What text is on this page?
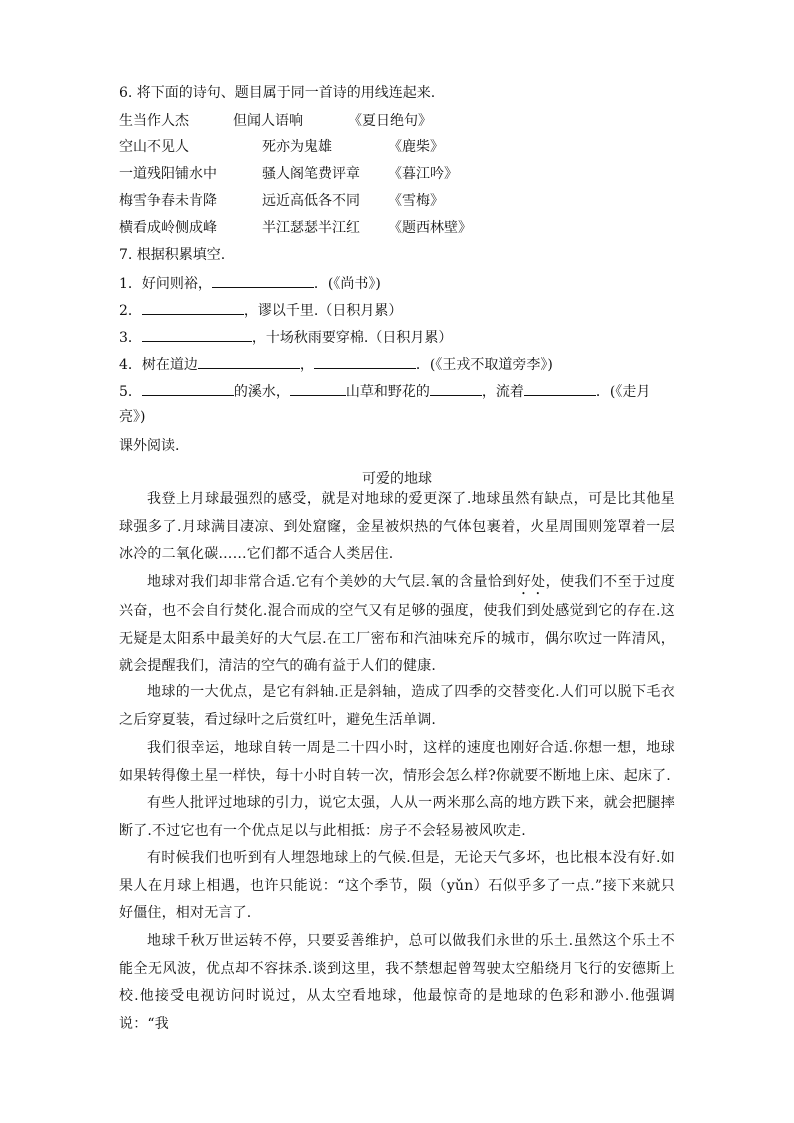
6. 将下面的诗句、题目属于同一首诗的用线连起来.
生当作人杰	但闻人语响	《夏日绝句》
空山不见人	死亦为鬼雄	《鹿柴》
一道残阳铺水中	骚人阁笔费评章 《暮江吟》
梅雪争春未肯降	远近高低各不同 《雪梅》
横看成岭侧成峰	半江瑟瑟半江红 《题西林壁》
7. 根据积累填空.
1．好问则裕，	．(《尚书》)
2．	，谬以千里.（日积月累）
3．	，十场秋雨要穿棉.（日积月累）
4．树在道边	，	．(《王戎不取道旁李》)
5．	的溪水，	山草和野花的	，流着	．(《走月
亮》)
课外阅读.
可爱的地球
我登上月球最强烈的感受，就是对地球的爱更深了.地球虽然有缺点，可是比其他星球强多了.月球满目凄凉、到处窟窿，金星被炽热的气体包裹着，火星周围则笼罩着一层冰冷的二氧化碳……它们都不适合人类居住.
地球对我们却非常合适.它有个美妙的大气层.氧的含量恰到好处，使我们不至于过度兴奋，也不会自行焚化.混合而成的空气又有足够的强度，使我们到处感觉到它的存在.这无疑是太阳系中最美好的大气层.在工厂密布和汽油味充斥的城市，偶尔吹过一阵清风，就会提醒我们，清洁的空气的确有益于人们的健康.
地球的一大优点，是它有斜轴.正是斜轴，造成了四季的交替变化.人们可以脱下毛衣之后穿夏装，看过绿叶之后赏红叶，避免生活单调.
我们很幸运，地球自转一周是二十四小时，这样的速度也刚好合适.你想一想，地球如果转得像土星一样快，每十小时自转一次，情形会怎么样?你就要不断地上床、起床了.
有些人批评过地球的引力，说它太强，人从一两米那么高的地方跌下来，就会把腿摔断了.不过它也有一个优点足以与此相抵：房子不会轻易被风吹走.
有时候我们也听到有人埋怨地球上的气候.但是，无论天气多坏，也比根本没有好.如果人在月球上相遇，也许只能说：“这个季节，陨（yǔn）石似乎多了一点.”接下来就只好僵住，相对无言了.
地球千秋万世运转不停，只要妥善维护，总可以做我们永世的乐土.虽然这个乐土不能全无风波，优点却不容抹杀.谈到这里，我不禁想起曾驾驶太空船绕月飞行的安德斯上校.他接受电视访问时说过，从太空看地球，他最惊奇的是地球的色彩和渺小.他强调说：“我
